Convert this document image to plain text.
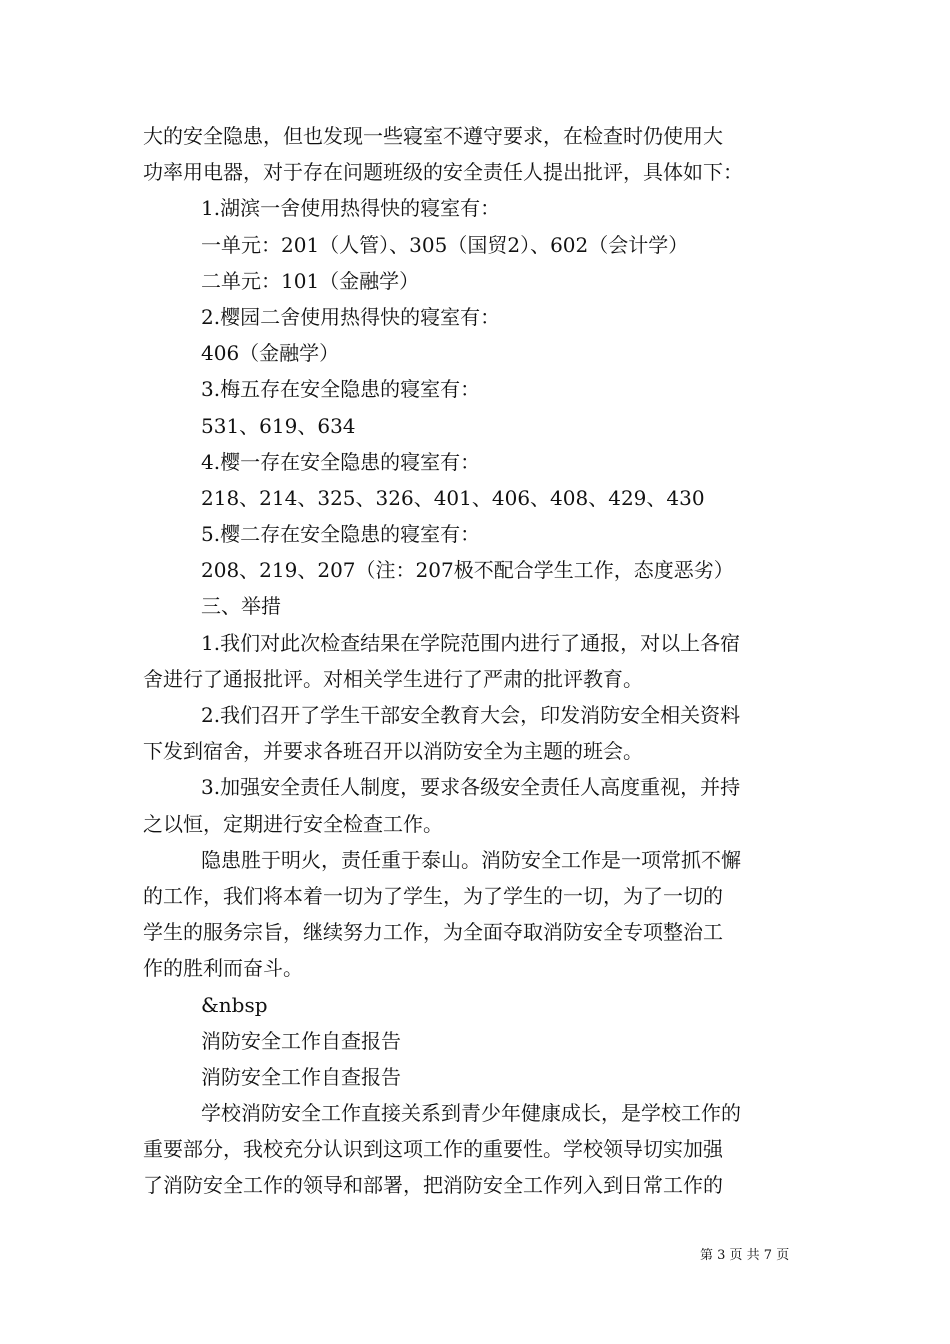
大的安全隐患，但也发现一些寝室不遵守要求，在检查时仍使用大
功率用电器，对于存在问题班级的安全责任人提出批评，具体如下：
1.湖滨一舍使用热得快的寝室有：
一单元：201（人管）、305（国贸2）、602（会计学）
二单元：101（金融学）
2.樱园二舍使用热得快的寝室有：
406（金融学）
3.梅五存在安全隐患的寝室有：
531、619、634
4.樱一存在安全隐患的寝室有：
218、214、325、326、401、406、408、429、430
5.樱二存在安全隐患的寝室有：
208、219、207（注：207极不配合学生工作，态度恶劣）
三、举措
1.我们对此次检查结果在学院范围内进行了通报，对以上各宿
舍进行了通报批评。对相关学生进行了严肃的批评教育。
2.我们召开了学生干部安全教育大会，印发消防安全相关资料
下发到宿舍，并要求各班召开以消防安全为主题的班会。
3.加强安全责任人制度，要求各级安全责任人高度重视，并持
之以恒，定期进行安全检查工作。
隐患胜于明火，责任重于泰山。消防安全工作是一项常抓不懈
的工作，我们将本着一切为了学生，为了学生的一切，为了一切的
学生的服务宗旨，继续努力工作，为全面夺取消防安全专项整治工
作的胜利而奋斗。
&nbsp
消防安全工作自查报告
消防安全工作自查报告
学校消防安全工作直接关系到青少年健康成长，是学校工作的
重要部分，我校充分认识到这项工作的重要性。学校领导切实加强
了消防安全工作的领导和部署，把消防安全工作列入到日常工作的
第 3 页 共 7 页
